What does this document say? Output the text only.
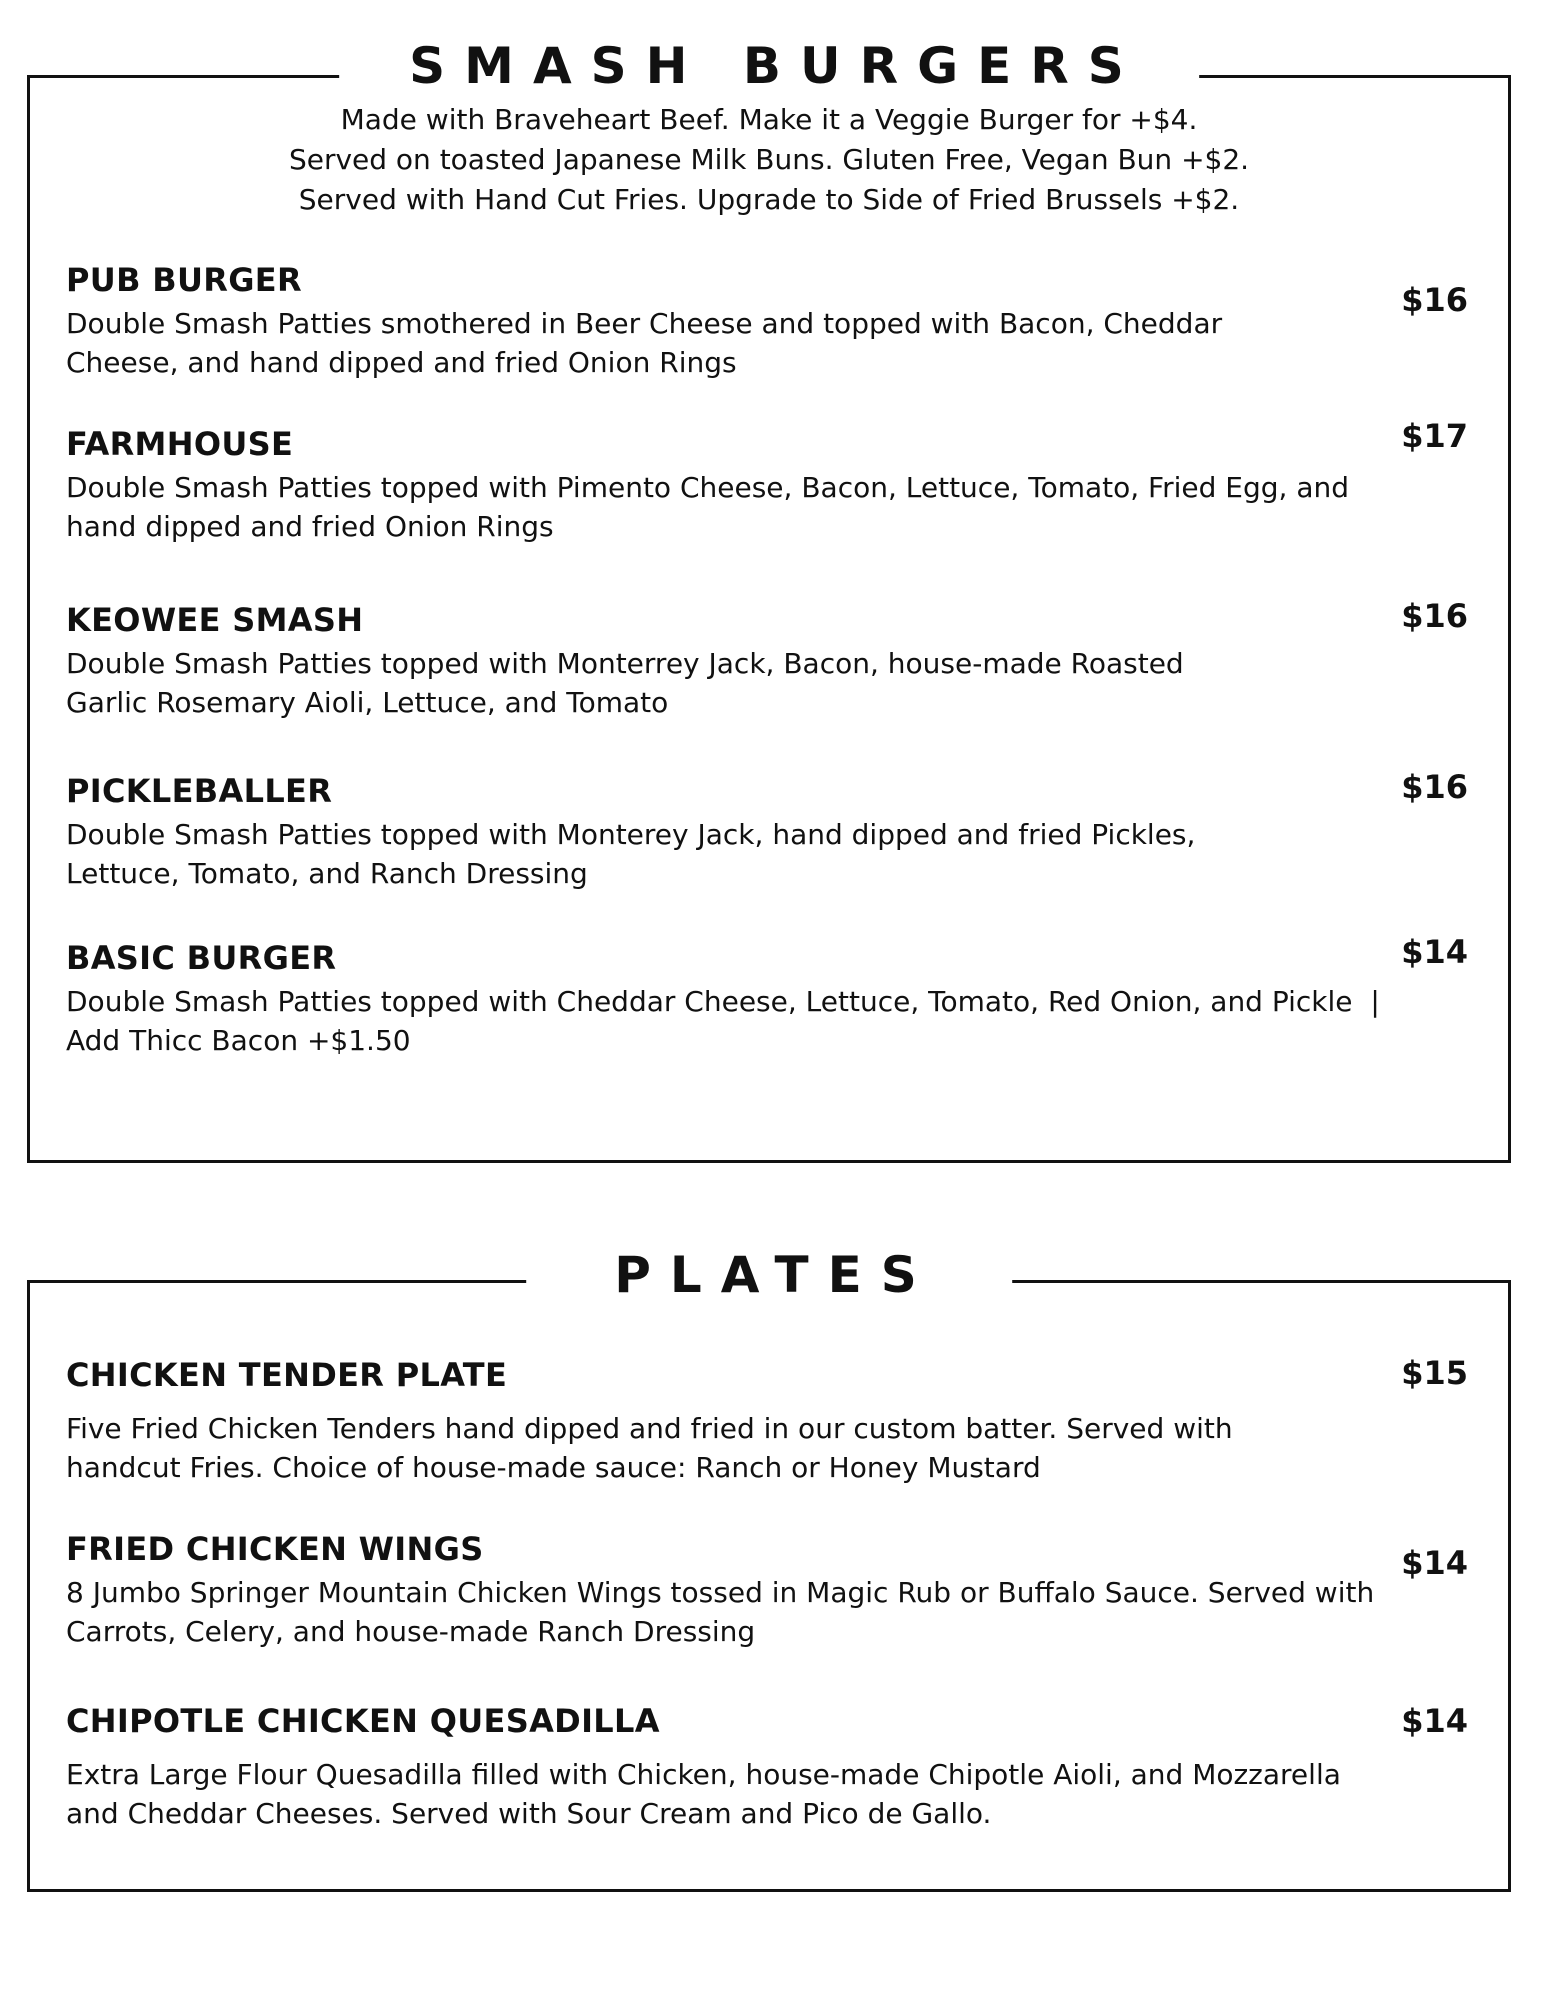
SMASH BURGERS
Made with Braveheart Beef. Make it a Veggie Burger for +$4.
Served on toasted Japanese Milk Buns. Gluten Free, Vegan Bun +$2.
Served with Hand Cut Fries. Upgrade to Side of Fried Brussels +$2.
PUB BURGER
$16
Double Smash Patties smothered in Beer Cheese and topped with Bacon, Cheddar Cheese, and hand dipped and fried Onion Rings
FARMHOUSE	$17
Double Smash Patties topped with Pimento Cheese, Bacon, Lettuce, Tomato, Fried Egg, and hand dipped and fried Onion Rings
KEOWEE SMASH	$16
Double Smash Patties topped with Monterrey Jack, Bacon, house-made Roasted Garlic Rosemary Aioli, Lettuce, and Tomato
PICKLEBALLER	$16
Double Smash Patties topped with Monterey Jack, hand dipped and fried Pickles, Lettuce, Tomato, and Ranch Dressing
BASIC BURGER	$14
Double Smash Patties topped with Cheddar Cheese, Lettuce, Tomato, Red Onion, and Pickle  |  Add Thicc Bacon +$1.50
PLATES
CHICKEN TENDER PLATE	$15
Five Fried Chicken Tenders hand dipped and fried in our custom batter. Served with handcut Fries. Choice of house-made sauce: Ranch or Honey Mustard
FRIED CHICKEN WINGS	$14
8 Jumbo Springer Mountain Chicken Wings tossed in Magic Rub or Buffalo Sauce. Served with Carrots, Celery, and house-made Ranch Dressing
CHIPOTLE CHICKEN QUESADILLA	$14
Extra Large Flour Quesadilla filled with Chicken, house-made Chipotle Aioli, and Mozzarella and Cheddar Cheeses. Served with Sour Cream and Pico de Gallo.
